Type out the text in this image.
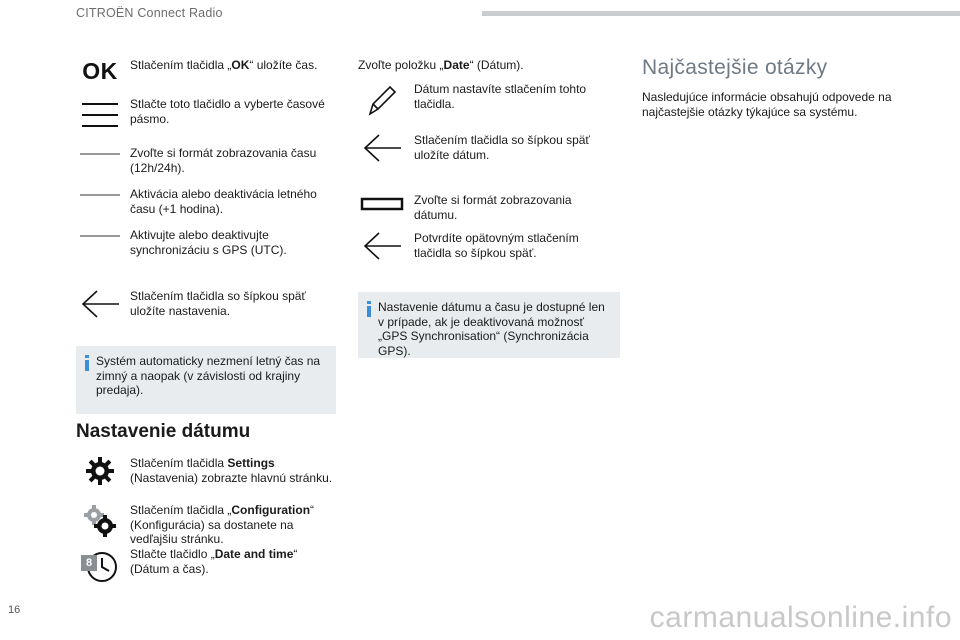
CITROËN Connect Radio
OK	Stlačením tlačidla „OK“ uložíte čas.
Stlačte toto tlačidlo a vyberte časové pásmo.
Zvoľte si formát zobrazovania času (12h/24h).
Aktivácia alebo deaktivácia letného času (+1 hodina).
Aktivujte alebo deaktivujte synchronizáciu s GPS (UTC).
Stlačením tlačidla so šípkou späť uložíte nastavenia.
Systém automaticky nezmení letný čas na zimný a naopak (v závislosti od krajiny predaja).
Nastavenie dátumu
Stlačením tlačidla Settings (Nastavenia) zobrazte hlavnú stránku.
Stlačením tlačidla „Configuration“ (Konfigurácia) sa dostanete na vedľajšiu stránku.
Stlačte tlačidlo „Date and time“ (Dátum a čas).
8
Zvoľte položku „Date“ (Dátum).
Dátum nastavíte stlačením tohto tlačidla.
Stlačením tlačidla so šípkou späť uložíte dátum.
Zvoľte si formát zobrazovania dátumu.
Potvrdíte opätovným stlačením tlačidla so šípkou späť.
Nastavenie dátumu a času je dostupné len v prípade, ak je deaktivovaná možnosť „GPS Synchronisation“ (Synchronizácia GPS).
Najčastejšie otázky
Nasledujúce informácie obsahujú odpovede na najčastejšie otázky týkajúce sa systému.
16	carmanualsonline.info
